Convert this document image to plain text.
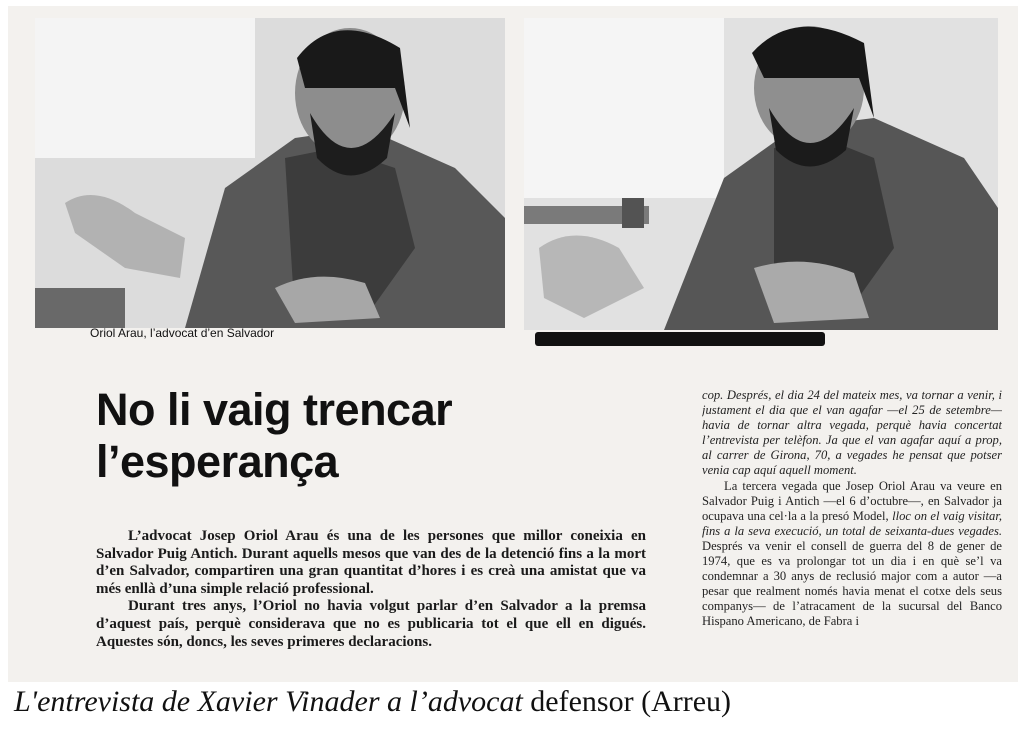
Oriol Arau, l’advocat d’en Salvador
No li vaig trencar
l’esperança

L’advocat Josep Oriol Arau és una de les persones que millor coneixia en Salvador Puig Antich. Durant aquells mesos que van des de la detenció fins a la mort d’en Salvador, compartiren una gran quantitat d’hores i es creà una amistat que va més enllà d’una simple relació professional.

Durant tres anys, l’Oriol no havia volgut parlar d’en Salvador a la premsa d’aquest país, perquè considerava que no es publicaria tot el que ell en digués. Aquestes són, doncs, les seves primeres declaracions.

cop. Després, el dia 24 del mateix mes, va tornar a venir, i justament el dia que el van agafar —el 25 de setembre— havia de tornar altra vegada, perquè havia concertat l’entrevista per telèfon. Ja que el van agafar aquí a prop, al carrer de Girona, 70, a vegades he pensat que potser venia cap aquí aquell moment.

La tercera vegada que Josep Oriol Arau va veure en Salvador Puig i Antich —el 6 d’octubre—, en Salvador ja ocupava una cel·la a la presó Model, lloc on el vaig visitar, fins a la seva execució, un total de seixanta-dues vegades. Després va venir el consell de guerra del 8 de gener de 1974, que es va prolongar tot un dia i en què se’l va condemnar a 30 anys de reclusió major com a autor —a pesar que realment només havia menat el cotxe dels seus companys— de l’atracament de la sucursal del Banco Hispano Americano, de Fabra i

L'entrevista de Xavier Vinader a l’advocat defensor (Arreu)
